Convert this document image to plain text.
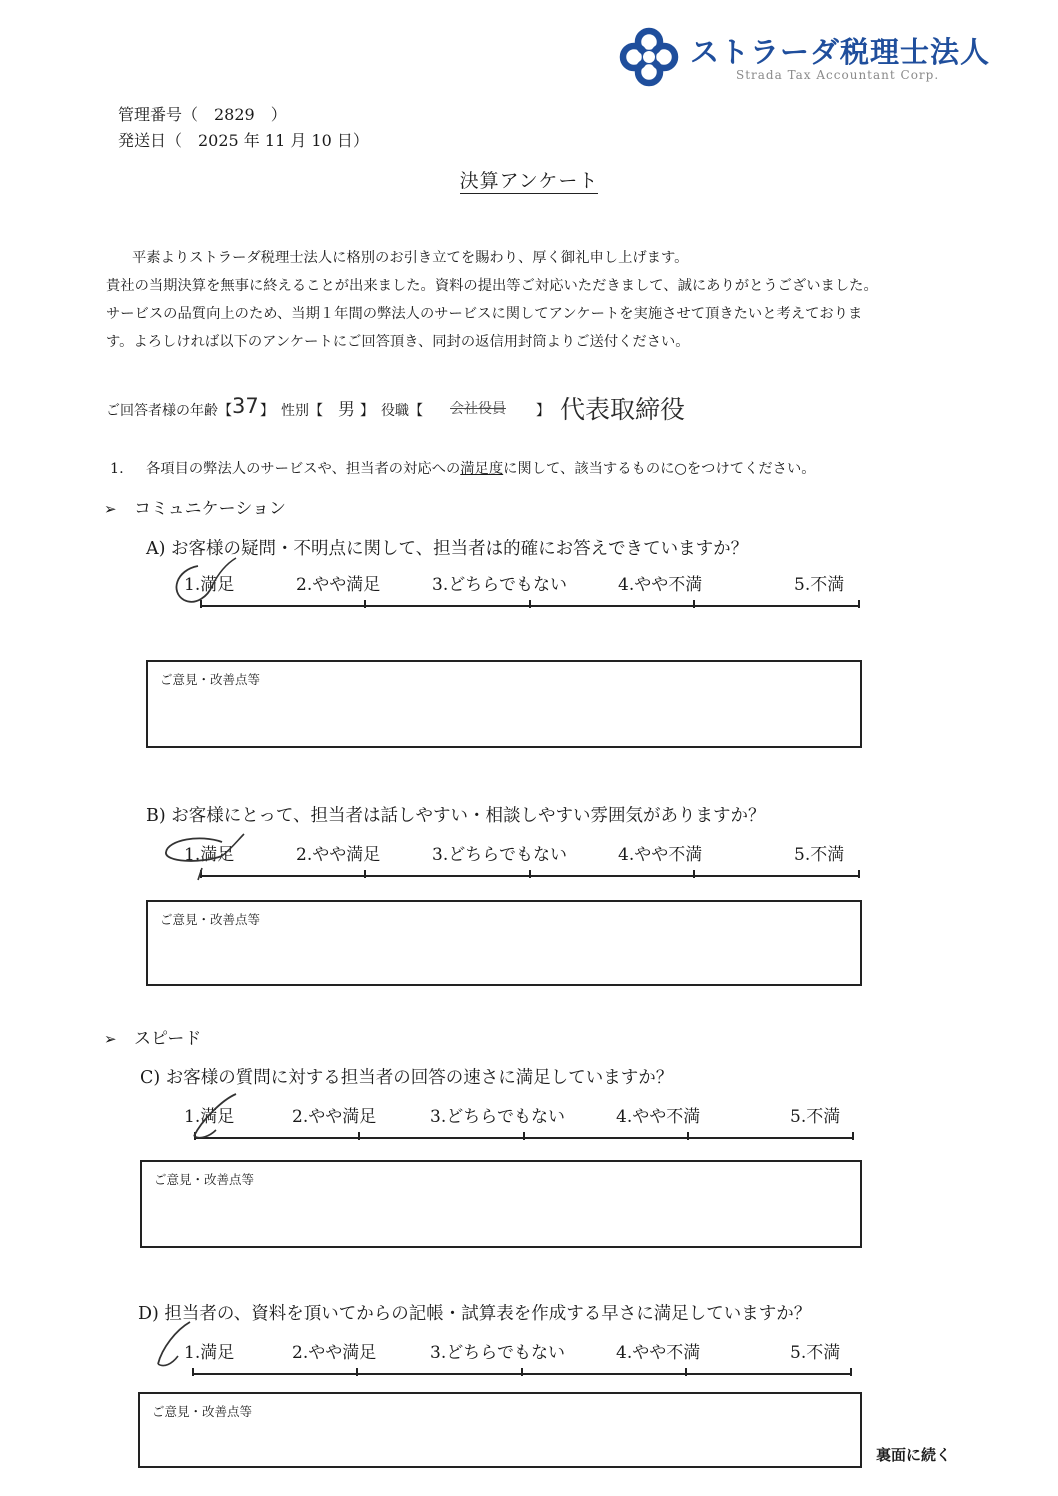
ストラーダ税理士法人
Strada Tax Accountant Corp.
管理番号（　2829　）
発送日（　2025 年 11 月 10 日）
決算アンケート

平素よりストラーダ税理士法人に格別のお引き立てを賜わり、厚く御礼申し上げます。

貴社の当期決算を無事に終えることが出来ました。資料の提出等ご対応いただきまして、誠にありがとうございました。

サービスの品質向上のため、当期１年間の弊法人のサービスに関してアンケートを実施させて頂きたいと考えておりま

す。よろしければ以下のアンケートにご回答頂き、同封の返信用封筒よりご送付ください。

ご回答者様の年齢【 37 】　性別【 男 】　役職【 会社役員 】 代表取締役
1. 各項目の弊法人のサービスや、担当者の対応への満足度に関して、該当するものに○をつけてください。
➢ コミュニケーション
A) お客様の疑問・不明点に関して、担当者は的確にお答えできていますか？
1.満足	2.やや満足	3.どちらでもない	4.やや不満	5.不満
ご意見・改善点等
B) お客様にとって、担当者は話しやすい・相談しやすい雰囲気がありますか？
1.満足	2.やや満足	3.どちらでもない	4.やや不満	5.不満
ご意見・改善点等
➢ スピード
C) お客様の質問に対する担当者の回答の速さに満足していますか？
1.満足	2.やや満足	3.どちらでもない	4.やや不満	5.不満
ご意見・改善点等
D) 担当者の、資料を頂いてからの記帳・試算表を作成する早さに満足していますか？
1.満足	2.やや満足	3.どちらでもない	4.やや不満	5.不満
ご意見・改善点等
裏面に続く
